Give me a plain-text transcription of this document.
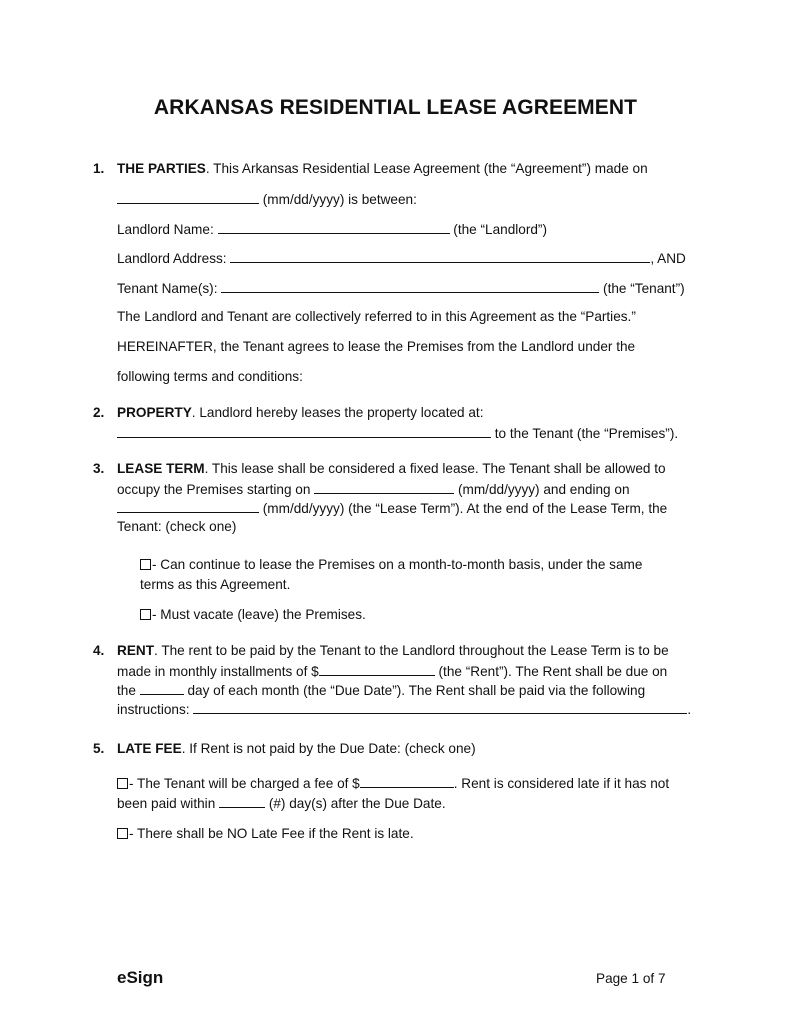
ARKANSAS RESIDENTIAL LEASE AGREEMENT
1. THE PARTIES. This Arkansas Residential Lease Agreement (the “Agreement”) made on
(mm/dd/yyyy) is between:
Landlord Name:	(the “Landlord”)
Landlord Address:	, AND
Tenant Name(s):	(the “Tenant”)
The Landlord and Tenant are collectively referred to in this Agreement as the “Parties.”
HEREINAFTER, the Tenant agrees to lease the Premises from the Landlord under the
following terms and conditions:
2. PROPERTY. Landlord hereby leases the property located at:
to the Tenant (the “Premises”).
3. LEASE TERM. This lease shall be considered a fixed lease. The Tenant shall be allowed to
occupy the Premises starting on	(mm/dd/yyyy) and ending on
(mm/dd/yyyy) (the “Lease Term”). At the end of the Lease Term, the
Tenant: (check one)
- Can continue to lease the Premises on a month-to-month basis, under the same
terms as this Agreement.
- Must vacate (leave) the Premises.
4. RENT. The rent to be paid by the Tenant to the Landlord throughout the Lease Term is to be
made in monthly installments of $	(the “Rent”). The Rent shall be due on
the	day of each month (the “Due Date”). The Rent shall be paid via the following
instructions:	.
5. LATE FEE. If Rent is not paid by the Due Date: (check one)
- The Tenant will be charged a fee of $	. Rent is considered late if it has not
been paid within	(#) day(s) after the Due Date.
- There shall be NO Late Fee if the Rent is late.
eSign	Page 1 of 7
